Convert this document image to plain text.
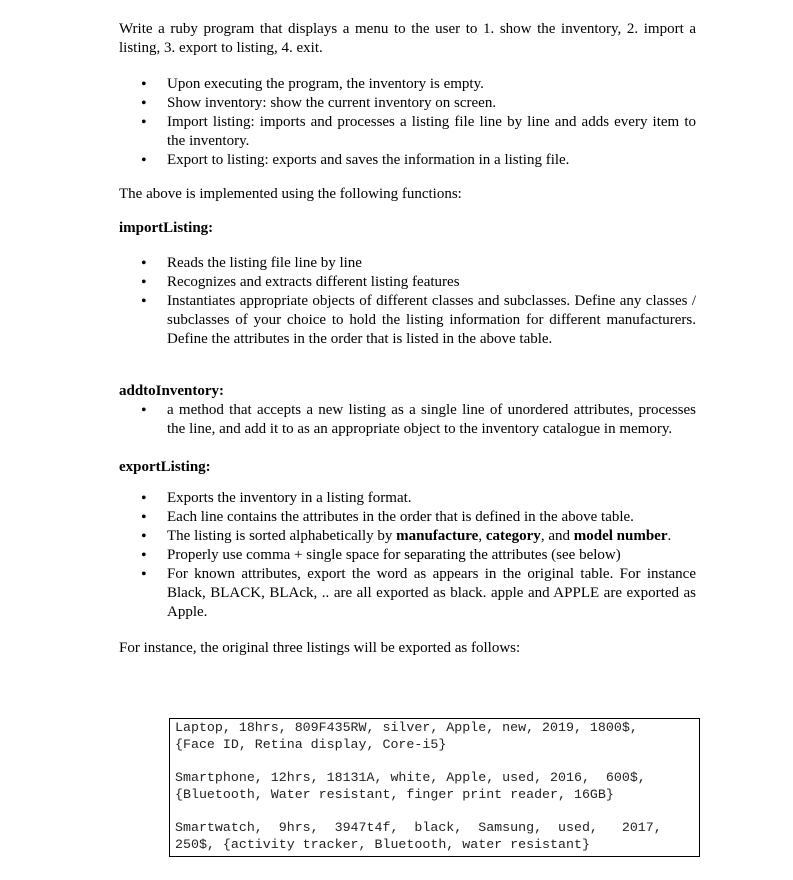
Write a ruby program that displays a menu to the user to 1. show the inventory, 2. import a listing, 3. export to listing, 4. exit.

• Upon executing the program, the inventory is empty.
• Show inventory: show the current inventory on screen.
• Import listing: imports and processes a listing file line by line and adds every item to the inventory.
• Export to listing: exports and saves the information in a listing file.

The above is implemented using the following functions:

importListing:
• Reads the listing file line by line
• Recognizes and extracts different listing features
• Instantiates appropriate objects of different classes and subclasses. Define any classes / subclasses of your choice to hold the listing information for different manufacturers. Define the attributes in the order that is listed in the above table.
addtoInventory:
• a method that accepts a new listing as a single line of unordered attributes, processes the line, and add it to as an appropriate object to the inventory catalogue in memory.
exportListing:
• Exports the inventory in a listing format.
• Each line contains the attributes in the order that is defined in the above table.
• The listing is sorted alphabetically by manufacture, category, and model number.
• Properly use comma + single space for separating the attributes (see below)
• For known attributes, export the word as appears in the original table. For instance Black, BLACK, BLAck, .. are all exported as black. apple and APPLE are exported as Apple.

For instance, the original three listings will be exported as follows:

Laptop, 18hrs, 809F435RW, silver, Apple, new, 2019, 1800$,
{Face ID, Retina display, Core-i5}
Smartphone, 12hrs, 18131A, white, Apple, used, 2016,  600$,
{Bluetooth, Water resistant, finger print reader, 16GB}
Smartwatch,  9hrs,  3947t4f,  black,  Samsung,  used,   2017,
250$, {activity tracker, Bluetooth, water resistant}
